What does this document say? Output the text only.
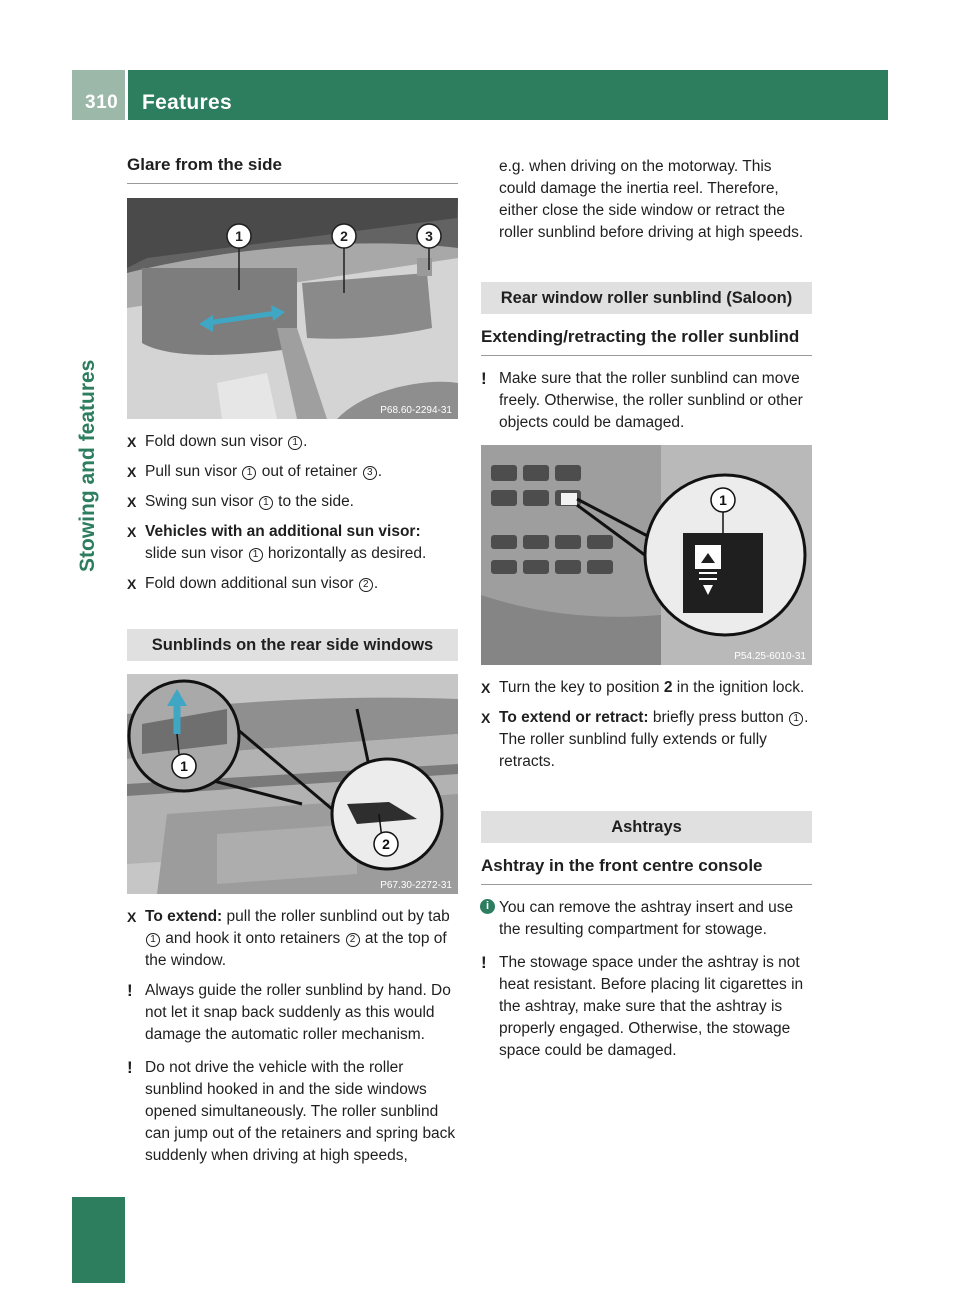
310 Features
Stowing and features
Glare from the side
1	2	3
P68.60-2294-31
X Fold down sun visor 1 .
X Pull sun visor 1 out of retainer 3 .
X Swing sun visor 1 to the side.
X Vehicles with an additional sun visor:
slide sun visor 1 horizontally as desired.
X Fold down additional sun visor 2 .
Sunblinds on the rear side windows
1
2
P67.30-2272-31
X To extend: pull the roller sunblind out by tab 1 and hook it onto retainers 2 at the top of the window.
! Always guide the roller sunblind by hand. Do not let it snap back suddenly as this would damage the automatic roller mechanism.
! Do not drive the vehicle with the roller sunblind hooked in and the side windows opened simultaneously. The roller sunblind can jump out of the retainers and spring back suddenly when driving at high speeds,
e.g. when driving on the motorway. This could damage the inertia reel. Therefore, either close the side window or retract the roller sunblind before driving at high speeds.
Rear window roller sunblind (Saloon)
Extending/retracting the roller sunblind
! Make sure that the roller sunblind can move freely. Otherwise, the roller sunblind or other objects could be damaged.
1
P54.25-6010-31
X Turn the key to position 2 in the ignition lock.
X To extend or retract: briefly press button 1 .
The roller sunblind fully extends or fully retracts.
Ashtrays
Ashtray in the front centre console
i You can remove the ashtray insert and use the resulting compartment for stowage.
! The stowage space under the ashtray is not heat resistant. Before placing lit cigarettes in the ashtray, make sure that the ashtray is properly engaged. Otherwise, the stowage space could be damaged.
